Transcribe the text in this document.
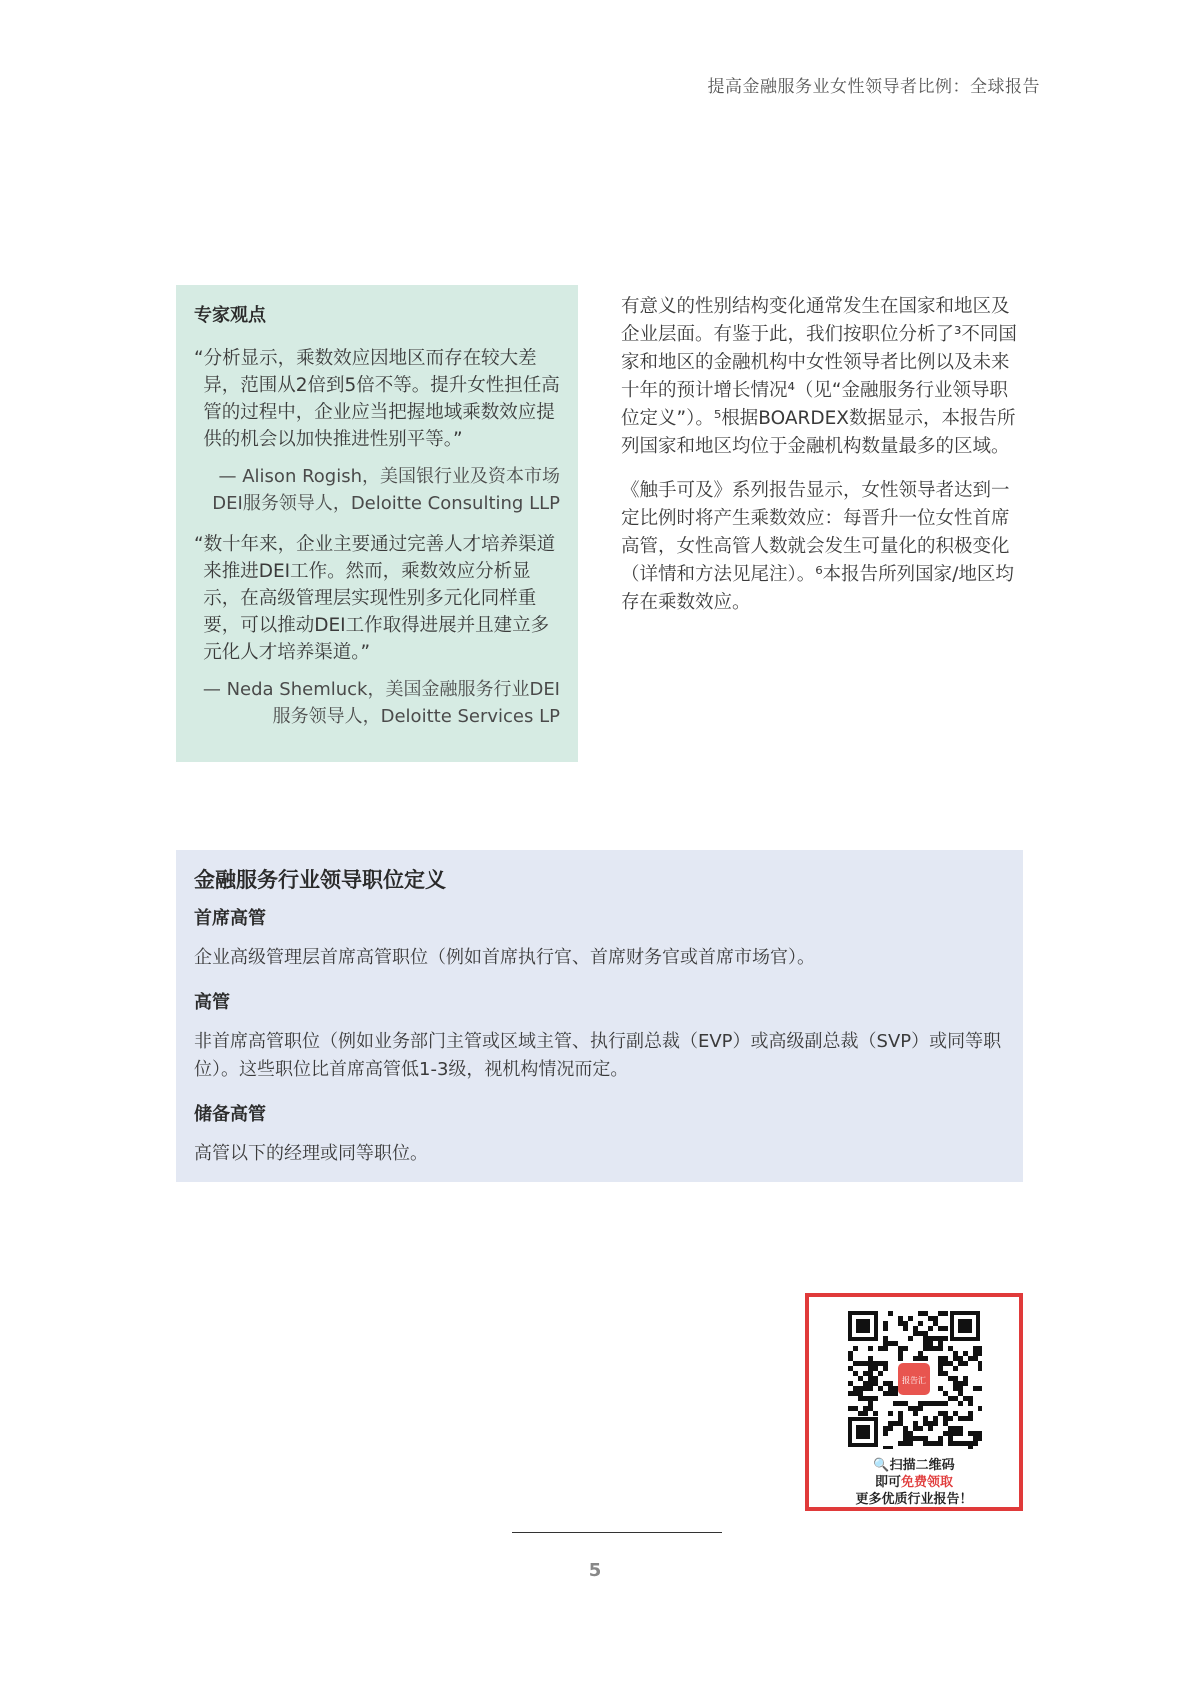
提高金融服务业女性领导者比例：全球报告
专家观点

“分析显示，乘数效应因地区而存在较大差异，范围从2倍到5倍不等。提升女性担任高管的过程中，企业应当把握地域乘数效应提供的机会以加快推进性别平等。”

— Alison Rogish，美国银行业及资本市场
DEI服务领导人，Deloitte Consulting LLP

“数十年来，企业主要通过完善人才培养渠道来推进DEI工作。然而，乘数效应分析显示，在高级管理层实现性别多元化同样重要，可以推动DEI工作取得进展并且建立多元化人才培养渠道。”

— Neda Shemluck，美国金融服务行业DEI
服务领导人，Deloitte Services LP

有意义的性别结构变化通常发生在国家和地区及企业层面。有鉴于此，我们按职位分析了³不同国家和地区的金融机构中女性领导者比例以及未来十年的预计增长情况⁴（见“金融服务行业领导职位定义”）。⁵根据BOARDEX数据显示，本报告所列国家和地区均位于金融机构数量最多的区域。

《触手可及》系列报告显示，女性领导者达到一定比例时将产生乘数效应：每晋升一位女性首席高管，女性高管人数就会发生可量化的积极变化（详情和方法见尾注）。⁶本报告所列国家/地区均存在乘数效应。

金融服务行业领导职位定义
首席高管
企业高级管理层首席高管职位（例如首席执行官、首席财务官或首席市场官）。
高管
非首席高管职位（例如业务部门主管或区域主管、执行副总裁（EVP）或高级副总裁（SVP）或同等职位）。这些职位比首席高管低1-3级，视机构情况而定。
储备高管
高管以下的经理或同等职位。
报告汇
🔍扫描二维码
即可免费领取
更多优质行业报告！
5
